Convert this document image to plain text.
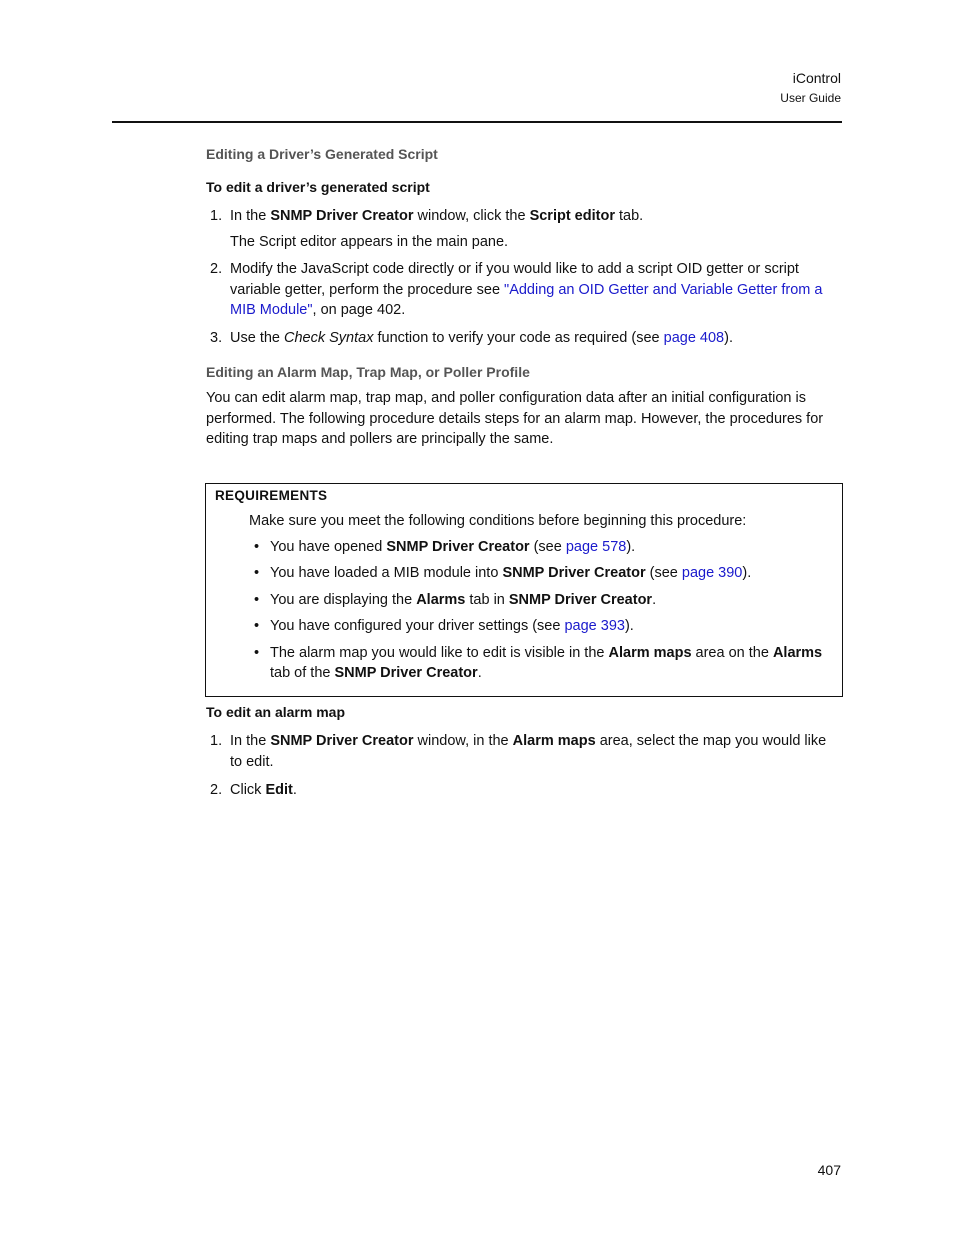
iControl
User Guide
Editing a Driver’s Generated Script
To edit a driver’s generated script
1. In the SNMP Driver Creator window, click the Script editor tab.
The Script editor appears in the main pane.
2. Modify the JavaScript code directly or if you would like to add a script OID getter or script variable getter, perform the procedure see "Adding an OID Getter and Variable Getter from a MIB Module", on page 402.
3. Use the Check Syntax function to verify your code as required (see page 408).
Editing an Alarm Map, Trap Map, or Poller Profile
You can edit alarm map, trap map, and poller configuration data after an initial configuration is performed. The following procedure details steps for an alarm map. However, the procedures for editing trap maps and pollers are principally the same.
REQUIREMENTS
Make sure you meet the following conditions before beginning this procedure:
• You have opened SNMP Driver Creator (see page 578).
• You have loaded a MIB module into SNMP Driver Creator (see page 390).
• You are displaying the Alarms tab in SNMP Driver Creator.
• You have configured your driver settings (see page 393).
• The alarm map you would like to edit is visible in the Alarm maps area on the Alarms tab of the SNMP Driver Creator.
To edit an alarm map
1. In the SNMP Driver Creator window, in the Alarm maps area, select the map you would like to edit.
2. Click Edit.
407
